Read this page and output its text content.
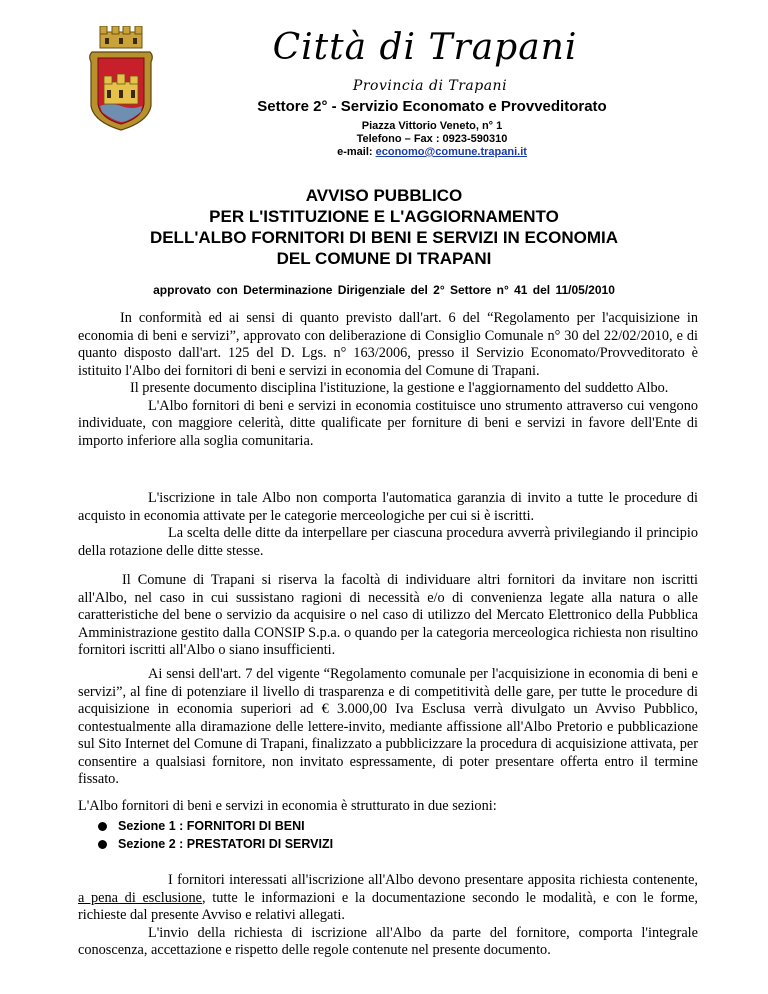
Città di Trapani
Provincia di Trapani
Settore 2° - Servizio Economato e Provveditorato
Piazza Vittorio Veneto, n° 1
Telefono – Fax : 0923-590310
e-mail: economo@comune.trapani.it
AVVISO PUBBLICO
PER L'ISTITUZIONE E L'AGGIORNAMENTO
DELL'ALBO FORNITORI DI BENI E SERVIZI IN ECONOMIA
DEL COMUNE DI TRAPANI
approvato con Determinazione Dirigenziale del 2° Settore n° 41 del 11/05/2010

In conformità ed ai sensi di quanto previsto dall'art. 6 del “Regolamento per l'acquisizione in economia di beni e servizi”, approvato con deliberazione di Consiglio Comunale n° 30 del 22/02/2010, e di quanto disposto dall'art. 125 del D. Lgs. n° 163/2006, presso il Servizio Economato/Provveditorato è istituito l'Albo dei fornitori di beni e servizi in economia del Comune di Trapani.

Il presente documento disciplina l'istituzione, la gestione e l'aggiornamento del suddetto Albo.

L'Albo fornitori di beni e servizi in economia costituisce uno strumento attraverso cui vengono individuate, con maggiore celerità, ditte qualificate per forniture di beni e servizi in favore dell'Ente di importo inferiore alla soglia comunitaria.

L'iscrizione in tale Albo non comporta l'automatica garanzia di invito a tutte le procedure di acquisto in economia attivate per le categorie merceologiche per cui si è iscritti.

La scelta delle ditte da interpellare per ciascuna procedura avverrà privilegiando il principio della rotazione delle ditte stesse.

Il Comune di Trapani si riserva la facoltà di individuare altri fornitori da invitare non iscritti all'Albo, nel caso in cui sussistano ragioni di necessità e/o di convenienza legate alla natura o alle caratteristiche del bene o servizio da acquisire o nel caso di utilizzo del Mercato Elettronico della Pubblica Amministrazione gestito dalla CONSIP S.p.a. o quando per la categoria merceologica richiesta non risultino fornitori iscritti all'Albo o siano insufficienti.

Ai sensi dell'art. 7 del vigente “Regolamento comunale per l'acquisizione in economia di beni e servizi”, al fine di potenziare il livello di trasparenza e di competitività delle gare, per tutte le procedure di acquisizione in economia superiori ad € 3.000,00 Iva Esclusa verrà divulgato un Avviso Pubblico, contestualmente alla diramazione delle lettere-invito, mediante affissione all'Albo Pretorio e pubblicazione sul Sito Internet del Comune di Trapani, finalizzato a pubblicizzare la procedura di acquisizione attivata, per consentire a qualsiasi fornitore, non invitato espressamente, di poter presentare offerta entro il termine fissato.

L'Albo fornitori di beni e servizi in economia è strutturato in due sezioni:

Sezione 1 : FORNITORI DI BENI
Sezione 2 : PRESTATORI DI SERVIZI

I fornitori interessati all'iscrizione all'Albo devono presentare apposita richiesta contenente, a pena di esclusione, tutte le informazioni e la documentazione secondo le modalità, e con le forme, richieste dal presente Avviso e relativi allegati.

L'invio della richiesta di iscrizione all'Albo da parte del fornitore, comporta l'integrale conoscenza, accettazione e rispetto delle regole contenute nel presente documento.
